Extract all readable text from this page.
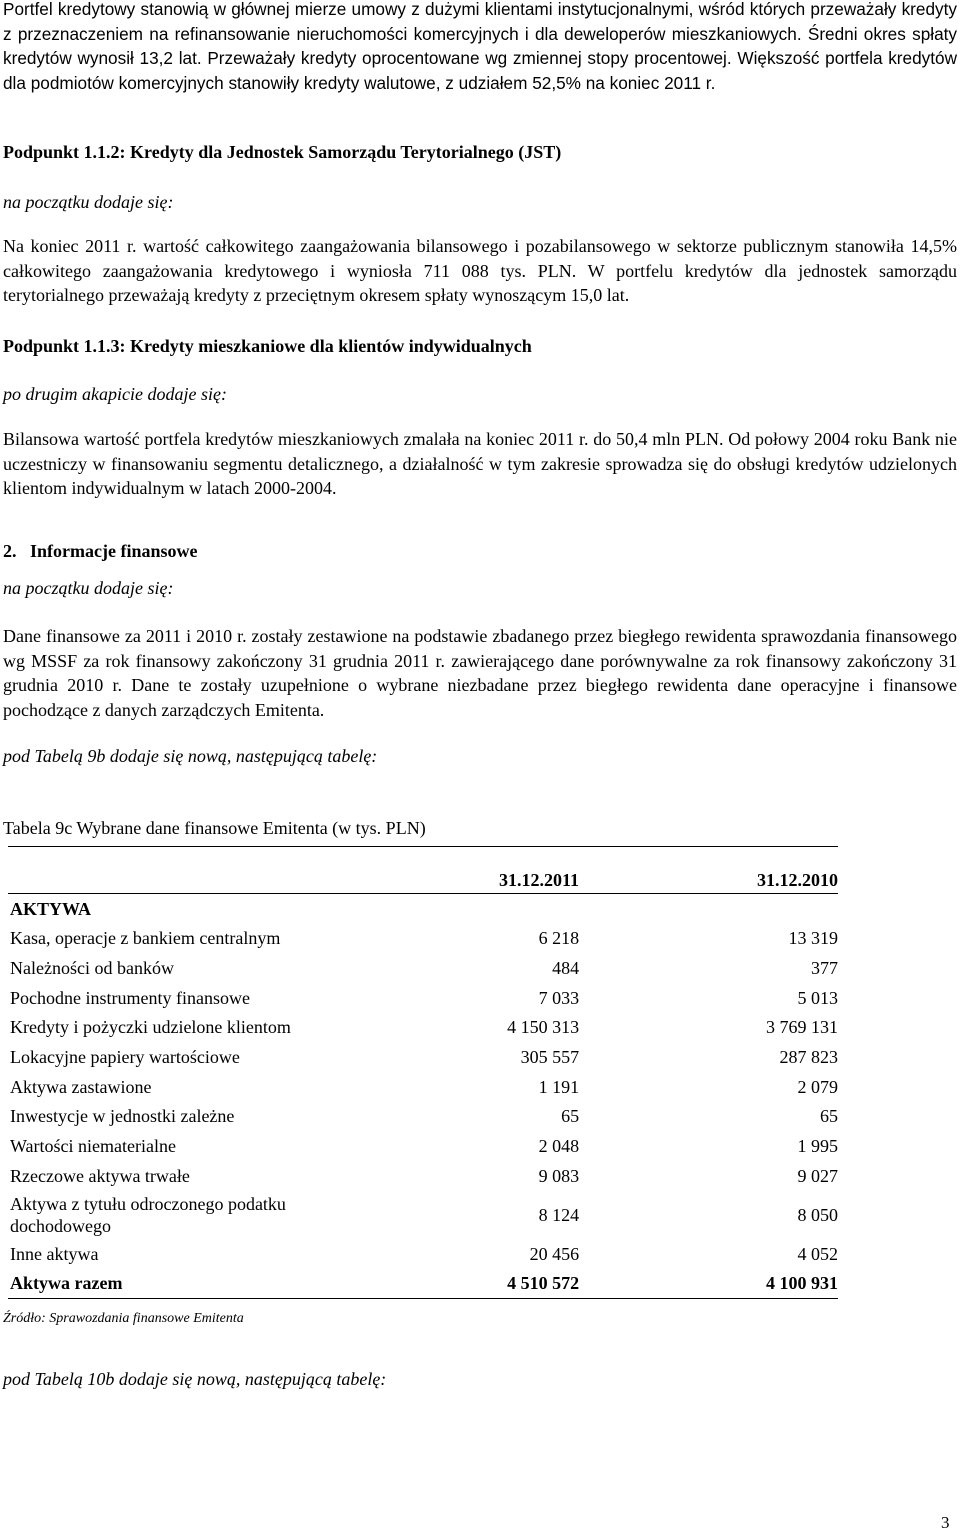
Portfel kredytowy stanowią w głównej mierze umowy z dużymi klientami instytucjonalnymi, wśród których przeważały kredyty z przeznaczeniem na refinansowanie nieruchomości komercyjnych i dla deweloperów mieszkaniowych. Średni okres spłaty kredytów wynosił 13,2 lat. Przeważały kredyty oprocentowane wg zmiennej stopy procentowej. Większość portfela kredytów dla podmiotów komercyjnych stanowiły kredyty walutowe, z udziałem 52,5% na koniec 2011 r.

Podpunkt 1.1.2: Kredyty dla Jednostek Samorządu Terytorialnego (JST)

na początku dodaje się:

Na koniec 2011 r. wartość całkowitego zaangażowania bilansowego i pozabilansowego w sektorze publicznym stanowiła 14,5% całkowitego zaangażowania kredytowego i wyniosła 711 088 tys. PLN. W portfelu kredytów dla jednostek samorządu terytorialnego przeważają kredyty z przeciętnym okresem spłaty wynoszącym 15,0 lat.

Podpunkt 1.1.3: Kredyty mieszkaniowe dla klientów indywidualnych

po drugim akapicie dodaje się:

Bilansowa wartość portfela kredytów mieszkaniowych zmalała na koniec 2011 r. do 50,4 mln PLN. Od połowy 2004 roku Bank nie uczestniczy w finansowaniu segmentu detalicznego, a działalność w tym zakresie sprowadza się do obsługi kredytów udzielonych klientom indywidualnym w latach 2000-2004.

2.   Informacje finansowe

na początku dodaje się:

Dane finansowe za 2011 i 2010 r. zostały zestawione na podstawie zbadanego przez biegłego rewidenta sprawozdania finansowego wg MSSF za rok finansowy zakończony 31 grudnia 2011 r. zawierającego dane porównywalne za rok finansowy zakończony 31 grudnia 2010 r. Dane te zostały uzupełnione o wybrane niezbadane przez biegłego rewidenta dane operacyjne i finansowe pochodzące z danych zarządczych Emitenta.

pod Tabelą 9b dodaje się nową, następującą tabelę:

Tabela 9c Wybrane dane finansowe Emitenta (w tys. PLN)

	31.12.2011	31.12.2010
AKTYWA		
Kasa, operacje z bankiem centralnym	6 218	13 319
Należności od banków	484	377
Pochodne instrumenty finansowe	7 033	5 013
Kredyty i pożyczki udzielone klientom	4 150 313	3 769 131
Lokacyjne papiery wartościowe	305 557	287 823
Aktywa zastawione	1 191	2 079
Inwestycje w jednostki zależne	65	65
Wartości niematerialne	2 048	1 995
Rzeczowe aktywa trwałe	9 083	9 027

Aktywa z tytułu odroczonego podatku dochodowego	8 124	8 050
Inne aktywa	20 456	4 052
Aktywa razem	4 510 572	4 100 931

Źródło: Sprawozdania finansowe Emitenta

pod Tabelą 10b dodaje się nową, następującą tabelę:

3
